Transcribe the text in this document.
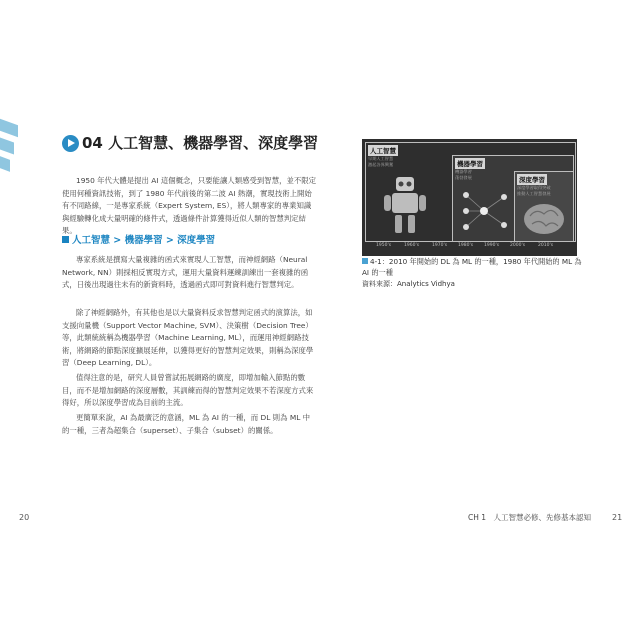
04 人工智慧、機器學習、深度學習

1950 年代大體是提出 AI 這個概念，只要能讓人類感受到智慧，並不限定使用何種資訊技術，到了 1980 年代前後的第二波 AI 熱潮，實現技術上開始有不同路線，一是專家系統（Expert System, ES），將人類專家的專業知識與經驗轉化成大量明確的條件式，透過條件計算獲得近似人類的智慧判定結果。

人工智慧 > 機器學習 > 深度學習

專家系統是撰寫大量複雜的函式來實現人工智慧，而神經網路（Neural Network, NN）則採相反實現方式，運用大量資料運練訓練出一套複雜的函式，日後出現過往未有的新資料時，透過函式即可對資料進行智慧判定。

除了神經網路外，有其他也是以大量資料反求智慧判定函式的演算法，如支援向量機（Support Vector Machine, SVM）、決策樹（Decision Tree）等，此類統統稱為機器學習（Machine Learning, ML），而運用神經網路技術，將網路的節點深度擴展延伸，以獲得更好的智慧判定效果，則稱為深度學習（Deep Learning, DL）。

值得注意的是，研究人員曾嘗試拓展網路的廣度，即增加輸入節點的數目，而不是增加網路的深度層數，其訓練而得的智慧判定效果不若深度方式來得好，所以深度學習成為目前的主流。

更簡單來說，AI 為最廣泛的意涵，ML 為 AI 的一種，而 DL 則為 ML 中的一種，三者為超集合（superset）、子集合（subset）的關係。

人工智慧
早期人工智慧
激起各界興奮	機器學習
機器學習
蓬勃發展	深度學習
深度學習取得突破
推動人工智慧發展
1950's	1960's	1970's 1980's 1990's 2000's	2010's
4-1：2010 年開始的 DL 為 ML 的一種，1980 年代開始的 ML 為 AI 的一種
資料來源：Analytics Vidhya
20	CH 1　人工智慧必修、先修基本認知	21
